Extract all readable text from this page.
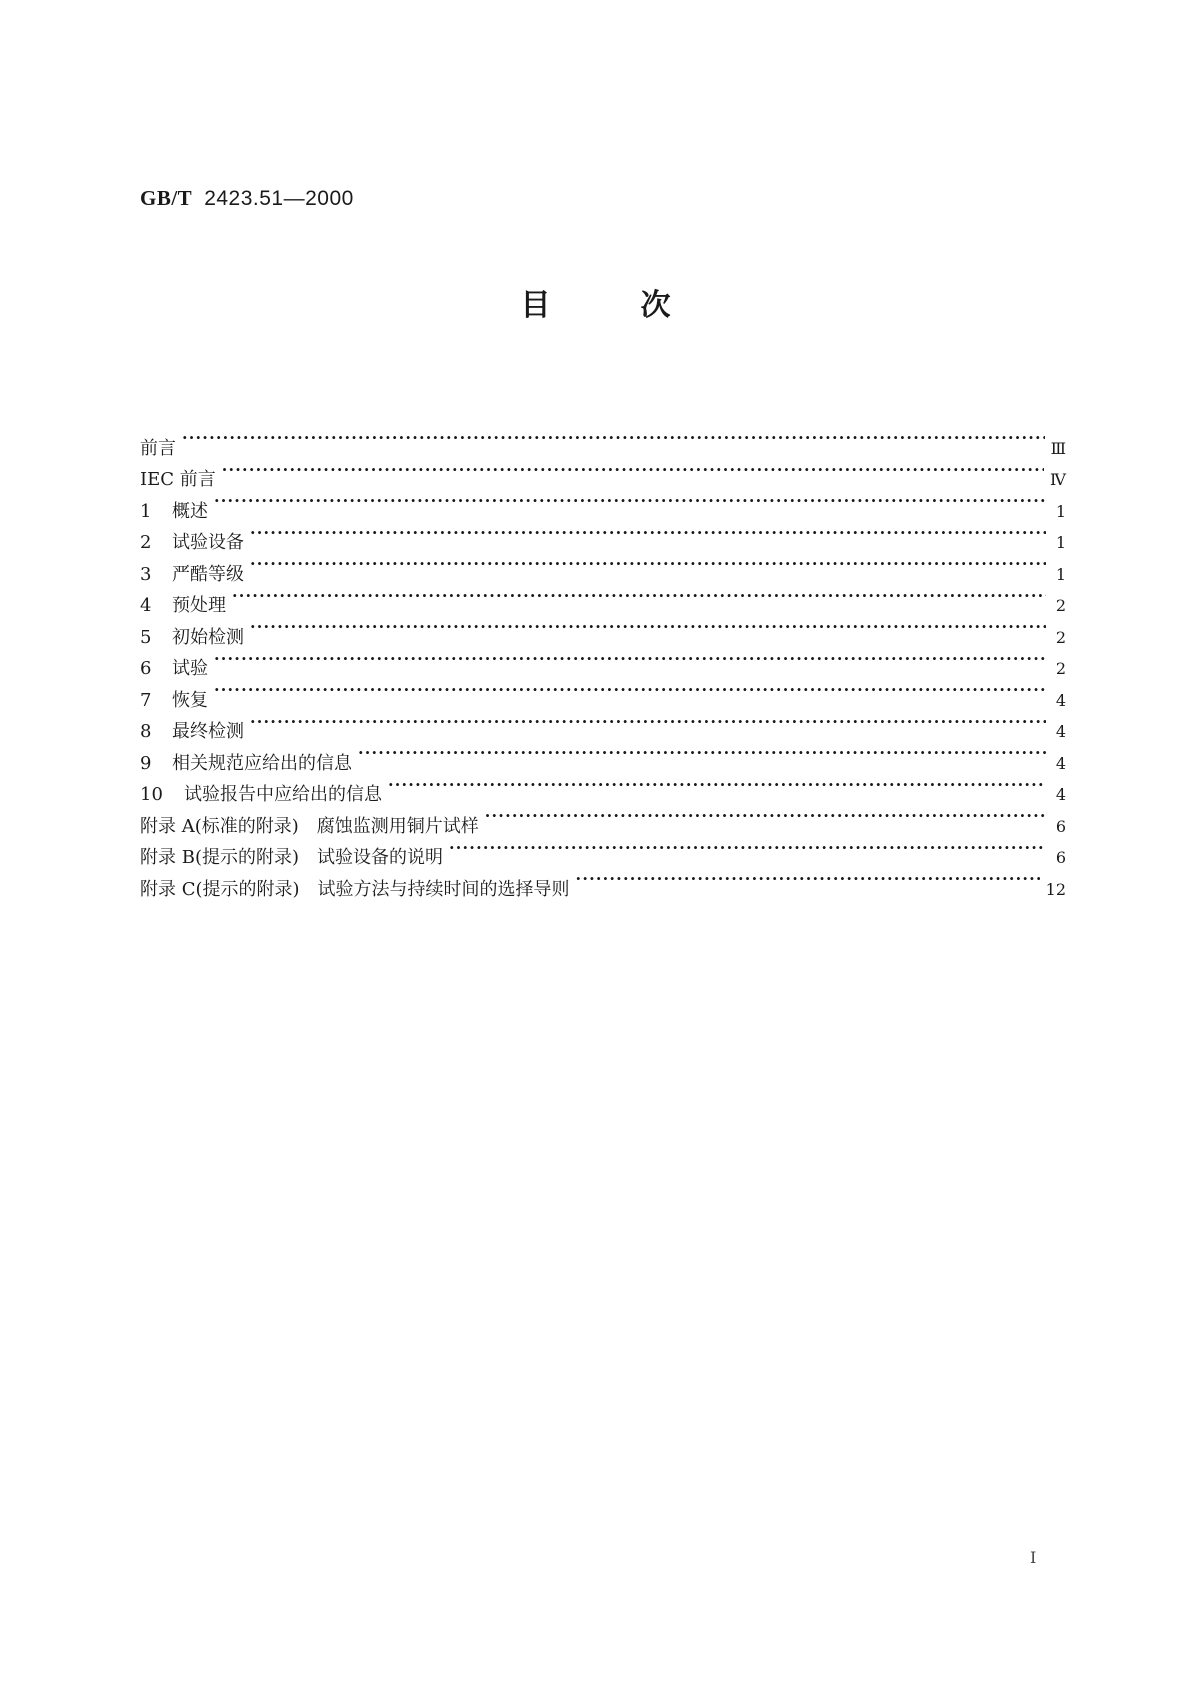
GB/T 2423.51—2000
目次
前言 ·····	Ⅲ
IEC 前言 ·····	Ⅳ
1 概述 ·····	1
2 试验设备 ·····	1
3 严酷等级 ·····	1
4 预处理 ·····	2
5 初始检测 ·····	2
6 试验 ·····	2
7 恢复 ·····	4
8 最终检测 ·····	4
9 相关规范应给出的信息 ·····	4
10 试验报告中应给出的信息 ·····	4
附录 A(标准的附录)　腐蚀监测用铜片试样 ·····	6
附录 B(提示的附录)　试验设备的说明 ·····	6
附录 C(提示的附录)　试验方法与持续时间的选择导则 ·····	12
I
